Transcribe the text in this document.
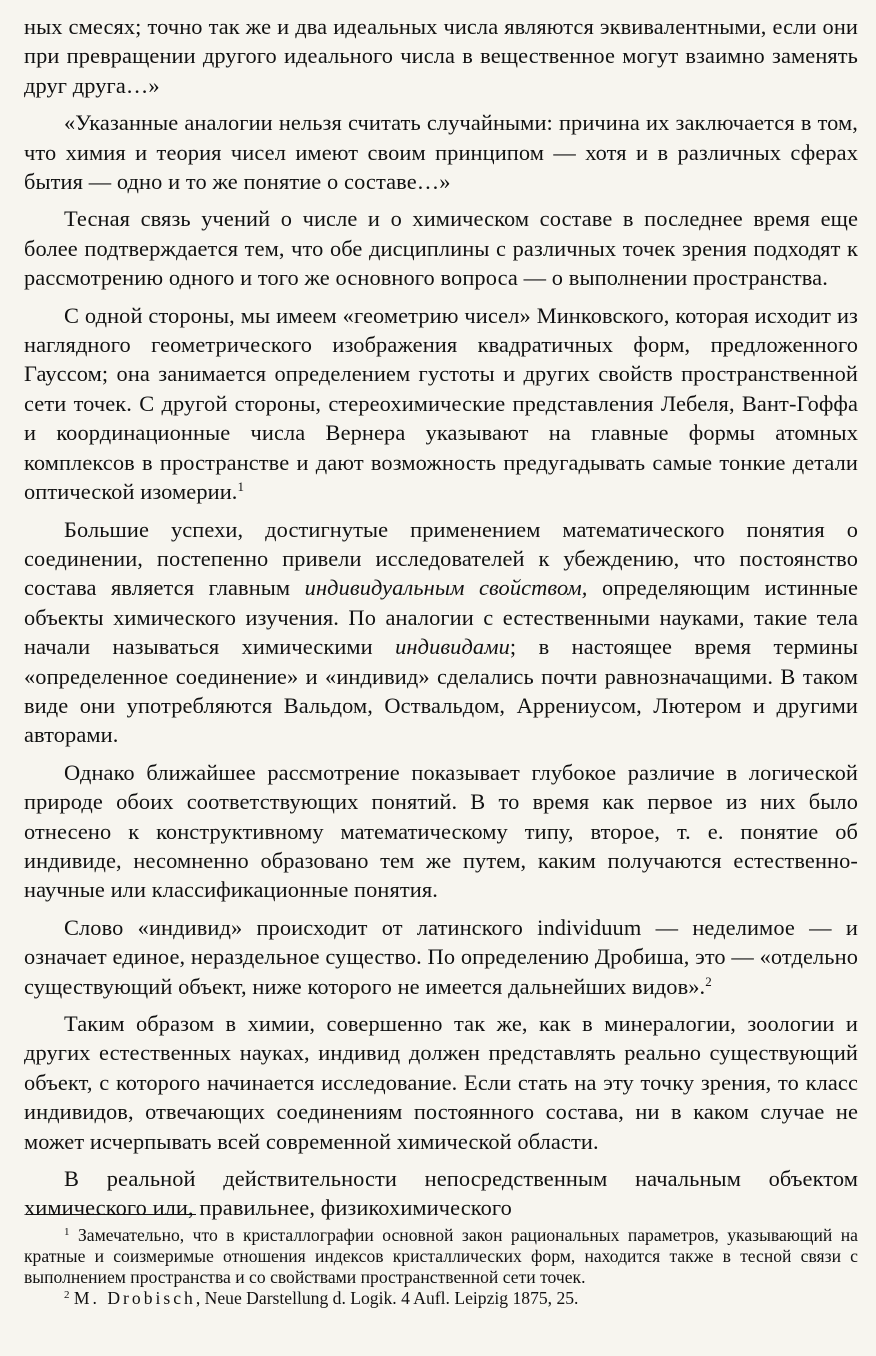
ных смесях; точно так же и два идеальных числа являются эквивалентными, если они при превращении другого идеального числа в вещественное могут взаимно заменять друг друга…»

«Указанные аналогии нельзя считать случайными: причина их заключается в том, что химия и теория чисел имеют своим принципом — хотя и в различных сферах бытия — одно и то же понятие о составе…»

Тесная связь учений о числе и о химическом составе в последнее время еще более подтверждается тем, что обе дисциплины с различных точек зрения подходят к рассмотрению одного и того же основного вопроса — о выполнении пространства.

С одной стороны, мы имеем «геометрию чисел» Минковского, которая исходит из наглядного геометрического изображения квадратичных форм, предложенного Гауссом; она занимается определением густоты и других свойств пространственной сети точек. С другой стороны, стереохимические представления Лебеля, Вант-Гоффа и координационные числа Вернера указывают на главные формы атомных комплексов в пространстве и дают возможность предугадывать самые тонкие детали оптической изомерии.$^1$

Большие успехи, достигнутые применением математического понятия о соединении, постепенно привели исследователей к убеждению, что постоянство состава является главным индивидуальным свойством, определяющим истинные объекты химического изучения. По аналогии с естественными науками, такие тела начали называться химическими индивидами; в настоящее время термины «определенное соединение» и «индивид» сделались почти равнозначащими. В таком виде они употребляются Вальдом, Оствальдом, Аррениусом, Лютером и другими авторами.

Однако ближайшее рассмотрение показывает глубокое различие в логической природе обоих соответствующих понятий. В то время как первое из них было отнесено к конструктивному математическому типу, второе, т. е. понятие об индивиде, несомненно образовано тем же путем, каким получаются естественно-научные или классификационные понятия.

Слово «индивид» происходит от латинского individuum — неделимое — и означает единое, нераздельное существо. По определению Дробиша, это — «отдельно существующий объект, ниже которого не имеется дальнейших видов».$^2$

Таким образом в химии, совершенно так же, как в минералогии, зоологии и других естественных науках, индивид должен представлять реально существующий объект, с которого начинается исследование. Если стать на эту точку зрения, то класс индивидов, отвечающих соединениям постоянного состава, ни в каком случае не может исчерпывать всей современной химической области.

В реальной действительности непосредственным начальным объектом химического или, правильнее, физикохимического

$^1$ Замечательно, что в кристаллографии основной закон рациональных параметров, указывающий на кратные и соизмеримые отношения индексов кристаллических форм, находится также в тесной связи с выполнением пространства и со свойствами пространственной сети точек.

$^2$ M. Drobisch, Neue Darstellung d. Logik. 4 Aufl. Leipzig 1875, 25.
